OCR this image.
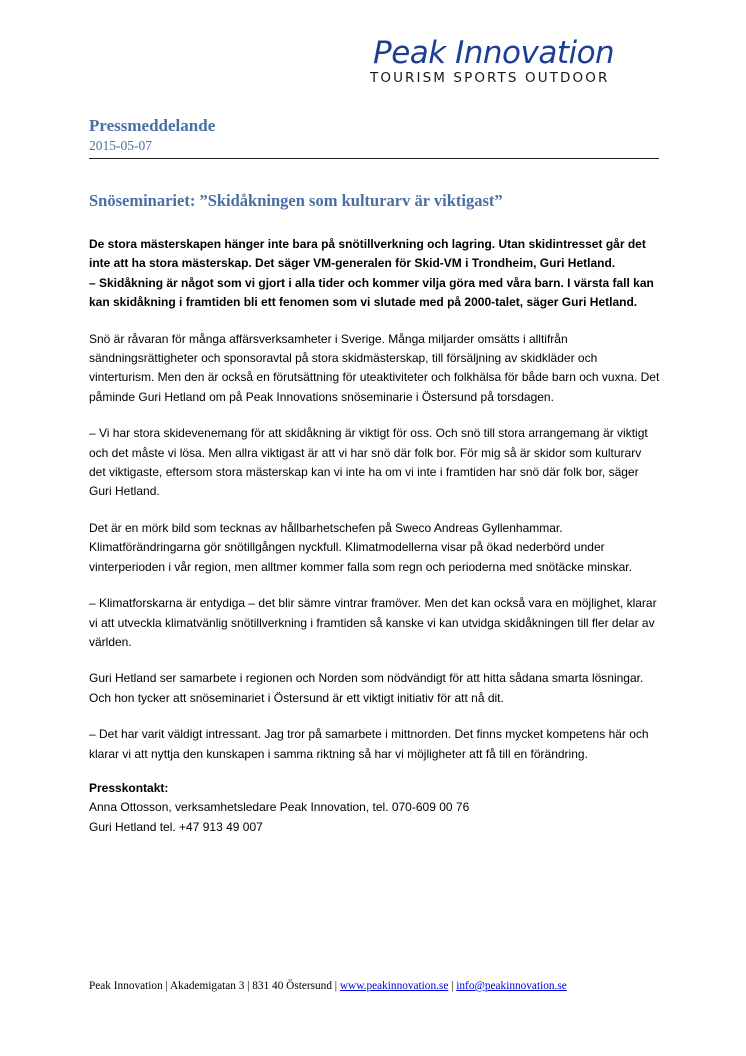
Peak Innovation
TOURISM SPORTS OUTDOOR
Pressmeddelande
2015-05-07
Snöseminariet: ”Skidåkningen som kulturarv är viktigast”

De stora mästerskapen hänger inte bara på snötillverkning och lagring. Utan skidintresset går det inte att ha stora mästerskap. Det säger VM-generalen för Skid-VM i Trondheim, Guri Hetland.
– Skidåkning är något som vi gjort i alla tider och kommer vilja göra med våra barn. I värsta fall kan kan skidåkning i framtiden bli ett fenomen som vi slutade med på 2000-talet, säger Guri Hetland.

Snö är råvaran för många affärsverksamheter i Sverige. Många miljarder omsätts i alltifrån sändningsrättigheter och sponsoravtal på stora skidmästerskap, till försäljning av skidkläder och vinterturism. Men den är också en förutsättning för uteaktiviteter och folkhälsa för både barn och vuxna. Det påminde Guri Hetland om på Peak Innovations snöseminarie i Östersund på torsdagen.

– Vi har stora skidevenemang för att skidåkning är viktigt för oss. Och snö till stora arrangemang är viktigt och det måste vi lösa. Men allra viktigast är att vi har snö där folk bor. För mig så är skidor som kulturarv det viktigaste, eftersom stora mästerskap kan vi inte ha om vi inte i framtiden har snö där folk bor, säger Guri Hetland.

Det är en mörk bild som tecknas av hållbarhetschefen på Sweco Andreas Gyllenhammar. Klimatförändringarna gör snötillgången nyckfull. Klimatmodellerna visar på ökad nederbörd under vinterperioden i vår region, men alltmer kommer falla som regn och perioderna med snötäcke minskar.

– Klimatforskarna är entydiga – det blir sämre vintrar framöver. Men det kan också vara en möjlighet, klarar vi att utveckla klimatvänlig snötillverkning i framtiden så kanske vi kan utvidga skidåkningen till fler delar av världen.

Guri Hetland ser samarbete i regionen och Norden som nödvändigt för att hitta sådana smarta lösningar. Och hon tycker att snöseminariet i Östersund är ett viktigt initiativ för att nå dit.

– Det har varit väldigt intressant. Jag tror på samarbete i mittnorden. Det finns mycket kompetens här och klarar vi att nyttja den kunskapen i samma riktning så har vi möjligheter att få till en förändring.

Presskontakt:
Anna Ottosson, verksamhetsledare Peak Innovation, tel. 070-609 00 76
Guri Hetland tel. +47 913 49 007
Peak Innovation | Akademigatan 3 | 831 40 Östersund | www.peakinnovation.se | info@peakinnovation.se
